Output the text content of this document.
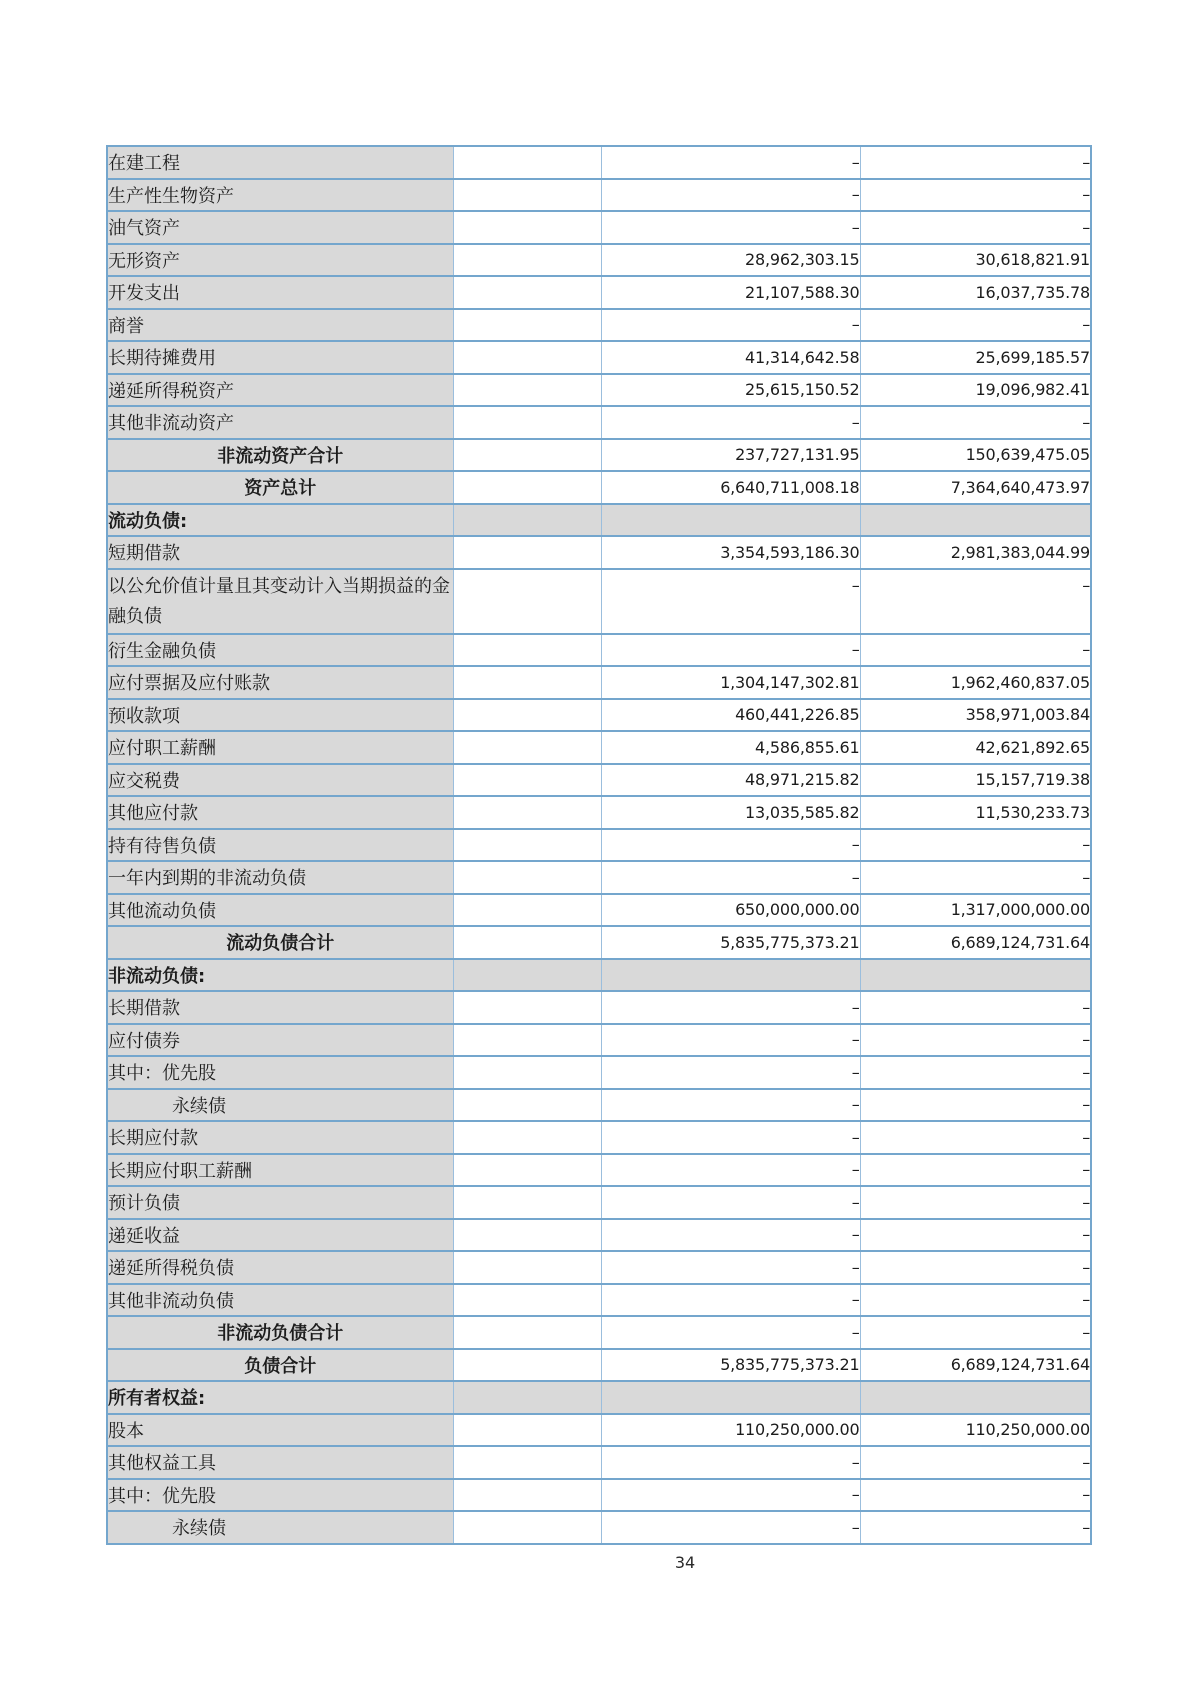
在建工程		–	–
生产性生物资产		–	–
油气资产		–	–
无形资产		28,962,303.15	30,618,821.91
开发支出		21,107,588.30	16,037,735.78
商誉		–	–
长期待摊费用		41,314,642.58	25,699,185.57
递延所得税资产		25,615,150.52	19,096,982.41
其他非流动资产		–	–
非流动资产合计		237,727,131.95	150,639,475.05
资产总计		6,640,711,008.18	7,364,640,473.97
流动负债:			
短期借款		3,354,593,186.30	2,981,383,044.99
以公允价值计量且其变动计入当期损益的金融负债		–	–
衍生金融负债		–	–
应付票据及应付账款		1,304,147,302.81	1,962,460,837.05
预收款项		460,441,226.85	358,971,003.84
应付职工薪酬		4,586,855.61	42,621,892.65
应交税费		48,971,215.82	15,157,719.38
其他应付款		13,035,585.82	11,530,233.73
持有待售负债		–	–
一年内到期的非流动负债		–	–
其他流动负债		650,000,000.00	1,317,000,000.00
流动负债合计		5,835,775,373.21	6,689,124,731.64
非流动负债:			
长期借款		–	–
应付债券		–	–
其中：优先股		–	–
永续债		–	–
长期应付款		–	–
长期应付职工薪酬		–	–
预计负债		–	–
递延收益		–	–
递延所得税负债		–	–
其他非流动负债		–	–
非流动负债合计		–	–
负债合计		5,835,775,373.21	6,689,124,731.64
所有者权益:			
股本		110,250,000.00	110,250,000.00
其他权益工具		–	–
其中：优先股		–	–
永续债		–	–
34
